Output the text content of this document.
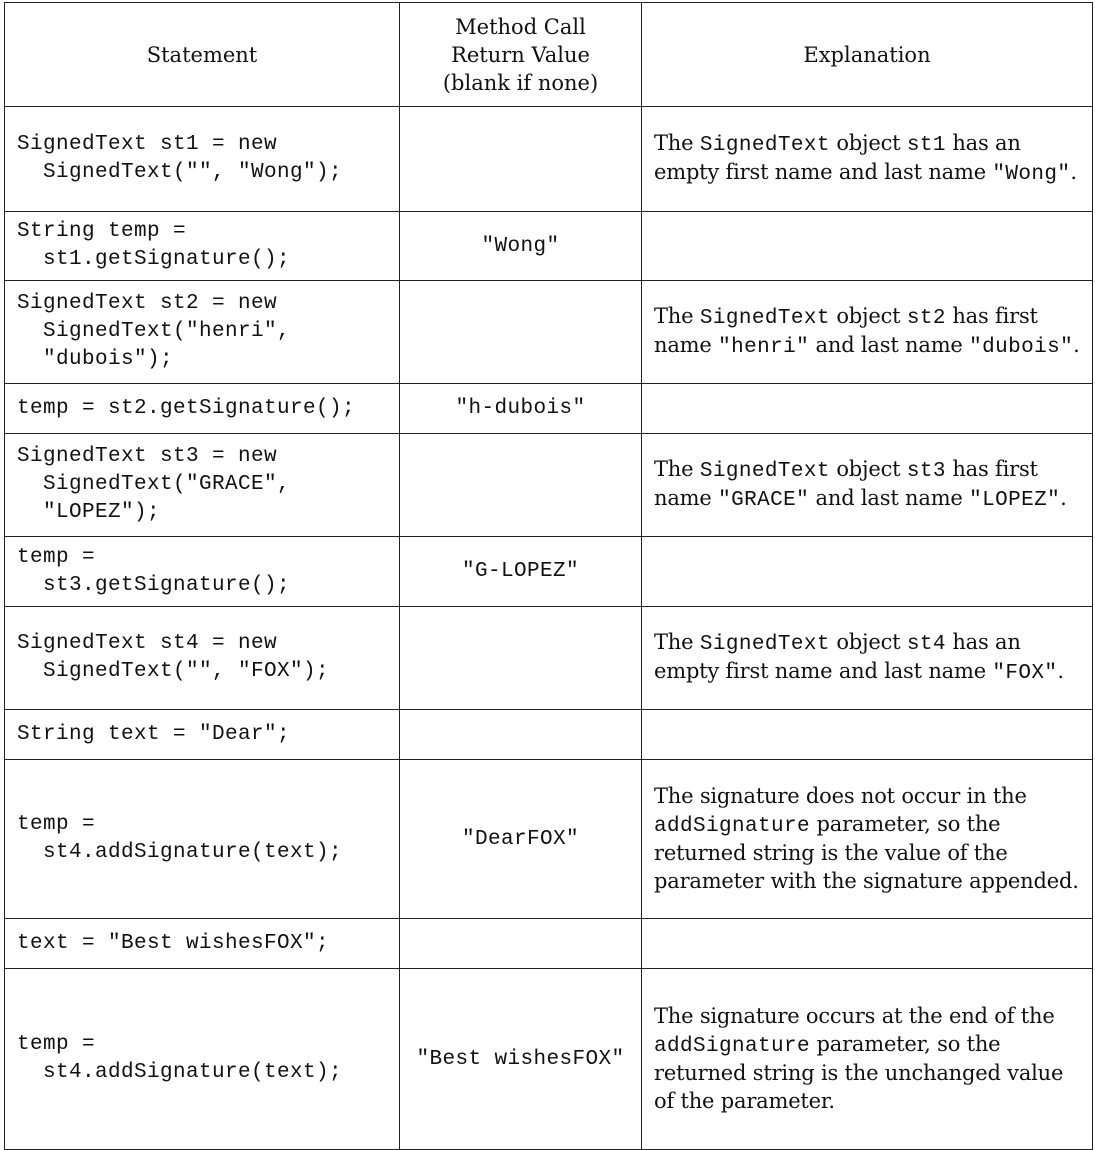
Statement	Method Call
Return Value
(blank if none)	Explanation
SignedText st1 = new
SignedText("", "Wong");		The SignedText object st1 has an empty first name and last name "Wong".
String temp =
st1.getSignature();	"Wong"	
SignedText st2 = new
SignedText("henri",
"dubois");		The SignedText object st2 has first name "henri" and last name "dubois".
temp = st2.getSignature();	"h-dubois"	
SignedText st3 = new
SignedText("GRACE",
"LOPEZ");		The SignedText object st3 has first name "GRACE" and last name "LOPEZ".
temp =
st3.getSignature();	"G-LOPEZ"	
SignedText st4 = new
SignedText("", "FOX");		The SignedText object st4 has an empty first name and last name "FOX".
String text = "Dear";		
temp =
st4.addSignature(text);	"DearFOX"	The signature does not occur in the addSignature parameter, so the returned string is the value of the parameter with the signature appended.
text = "Best wishesFOX";		
temp =
st4.addSignature(text);	"Best wishesFOX"	The signature occurs at the end of the addSignature parameter, so the returned string is the unchanged value of the parameter.
